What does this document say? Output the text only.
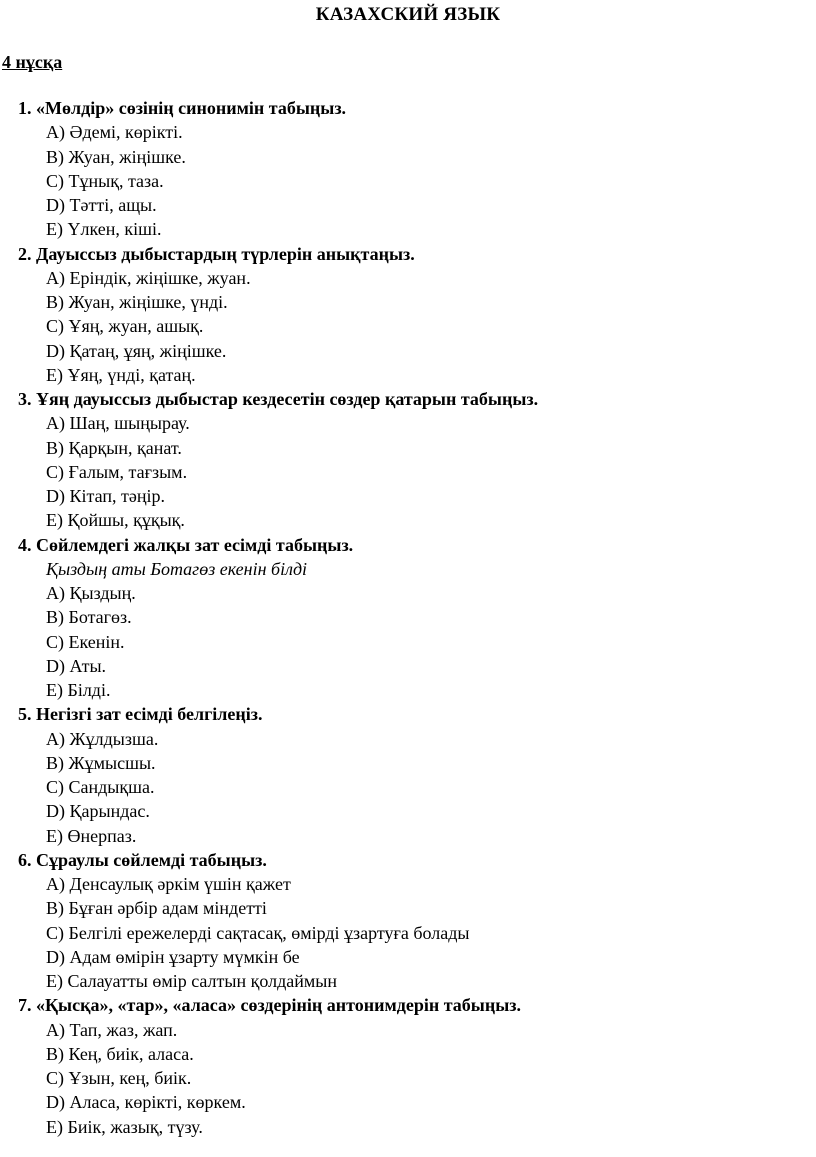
КАЗАХСКИЙ ЯЗЫК
4 нұсқа
1. «Мөлдір» сөзінің синонимін табыңыз.
A) Әдемі, көрікті.
B) Жуан, жіңішке.
C) Тұнық, таза.
D) Тәтті, ащы.
E) Үлкен, кіші.
2. Дауыссыз дыбыстардың түрлерін анықтаңыз.
A) Еріндік, жіңішке, жуан.
B) Жуан, жіңішке, үнді.
C) Ұяң, жуан, ашық.
D) Қатаң, ұяң, жіңішке.
E) Ұяң, үнді, қатаң.
3. Ұяң дауыссыз дыбыстар кездесетін сөздер қатарын табыңыз.
A) Шаң, шыңырау.
B) Қарқын, қанат.
C) Ғалым, тағзым.
D) Кітап, тәңір.
E) Қойшы, құқық.
4. Сөйлемдегі жалқы зат есімді табыңыз.
Қыздың аты Ботагөз екенін білді
A) Қыздың.
B) Ботагөз.
C) Екенін.
D) Аты.
E) Білді.
5. Негізгі зат есімді белгілеңіз.
A) Жұлдызша.
B) Жұмысшы.
C) Сандықша.
D) Қарындас.
E) Өнерпаз.
6. Сұраулы сөйлемді табыңыз.
A) Денсаулық әркім үшін қажет
B) Бұған әрбір адам міндетті
C) Белгілі ережелерді сақтасақ, өмірді ұзартуға болады
D) Адам өмірін ұзарту мүмкін бе
E) Салауатты өмір салтын қолдаймын
7. «Қысқа», «тар», «аласа» сөздерінің антонимдерін табыңыз.
A) Тап, жаз, жап.
B) Кең, биік, аласа.
C) Ұзын, кең, биік.
D) Аласа, көрікті, көркем.
E) Биік, жазық, түзу.
